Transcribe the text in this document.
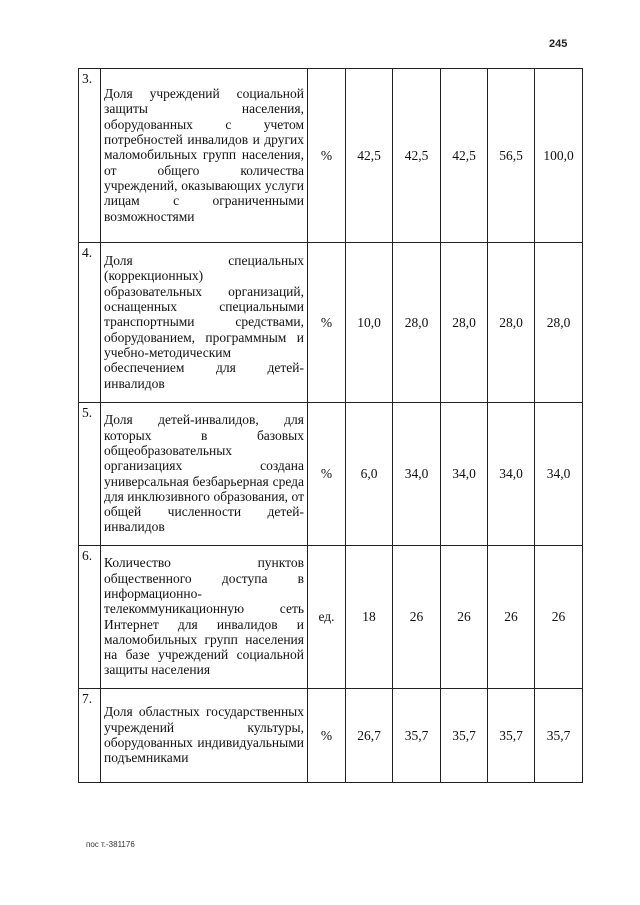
245
3.	Доля учреждений социальной защиты населения, оборудованных с учетом потребностей инвалидов и других маломобильных групп населения, от общего количества учреждений, оказывающих услуги лицам с ограниченными возможностями	%	42,5	42,5	42,5	56,5	100,0
4.	Доля специальных (коррекционных) образовательных организаций, оснащенных специальными транспортными средствами, оборудованием, программным и учебно-методическим обеспечением для детей-инвалидов	%	10,0	28,0	28,0	28,0	28,0
5.	Доля детей-инвалидов, для которых в базовых общеобразовательных организациях создана универсальная безбарьерная среда для инклюзивного образования, от общей численности детей-инвалидов	%	6,0	34,0	34,0	34,0	34,0
6.	Количество пунктов общественного доступа в информационно-телекоммуникационную сеть Интернет для инвалидов и маломобильных групп населения на базе учреждений социальной защиты населения	ед.	18	26	26	26	26
7.	Доля областных государственных учреждений культуры, оборудованных индивидуальными подъемниками	%	26,7	35,7	35,7	35,7	35,7
пос т.-381176
